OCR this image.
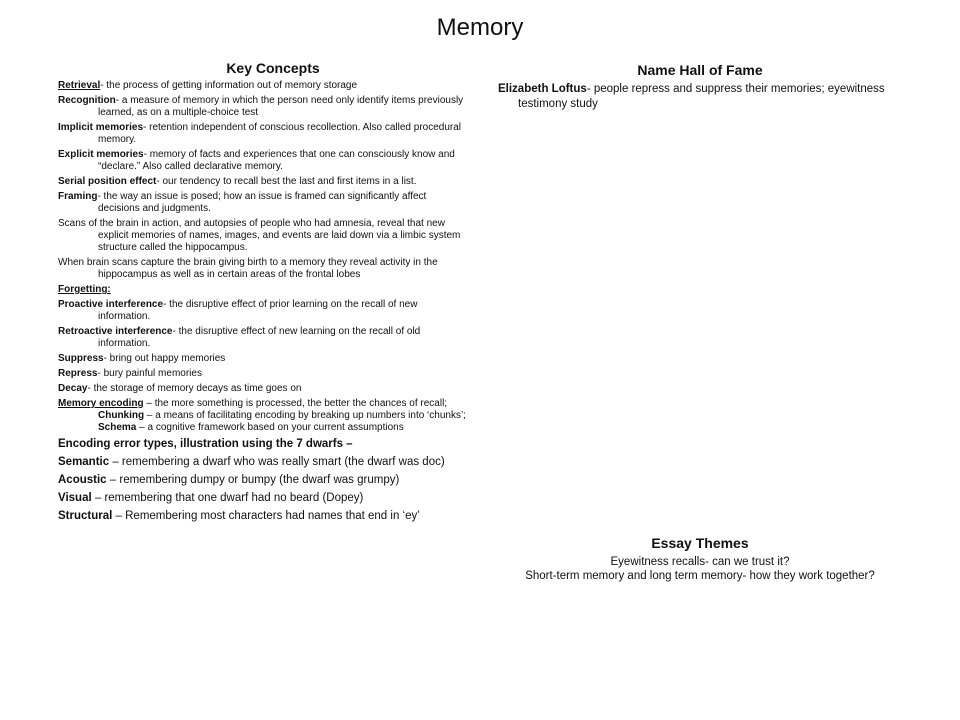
Memory
Key Concepts
Retrieval- the process of getting information out of memory storage
Recognition- a measure of memory in which the person need only identify items previously learned, as on a multiple-choice test
Implicit memories- retention independent of conscious recollection. Also called procedural memory.
Explicit memories- memory of facts and experiences that one can consciously know and “declare.” Also called declarative memory.
Serial position effect- our tendency to recall best the last and first items in a list.
Framing- the way an issue is posed; how an issue is framed can significantly affect decisions and judgments.
Scans of the brain in action, and autopsies of people who had amnesia, reveal that new explicit memories of names, images, and events are laid down via a limbic system structure called the hippocampus.
When brain scans capture the brain giving birth to a memory they reveal activity in the hippocampus as well as in certain areas of the frontal lobes
Forgetting:
Proactive interference- the disruptive effect of prior learning on the recall of new information.
Retroactive interference- the disruptive effect of new learning on the recall of old information.
Suppress- bring out happy memories
Repress- bury painful memories
Decay- the storage of memory decays as time goes on
Memory encoding – the more something is processed, the better the chances of recall; Chunking – a means of facilitating encoding by breaking up numbers into ‘chunks’; Schema – a cognitive framework based on your current assumptions
Encoding error types, illustration using the 7 dwarfs –
Semantic – remembering a dwarf who was really smart (the dwarf was doc)
Acoustic – remembering dumpy or bumpy (the dwarf was grumpy)
Visual – remembering that one dwarf had no beard (Dopey)
Structural – Remembering most characters had names that end in ‘ey’
Name Hall of Fame
Elizabeth Loftus- people repress and suppress their memories; eyewitness testimony study
Essay Themes
Eyewitness recalls- can we trust it?
Short-term memory and long term memory- how they work together?
